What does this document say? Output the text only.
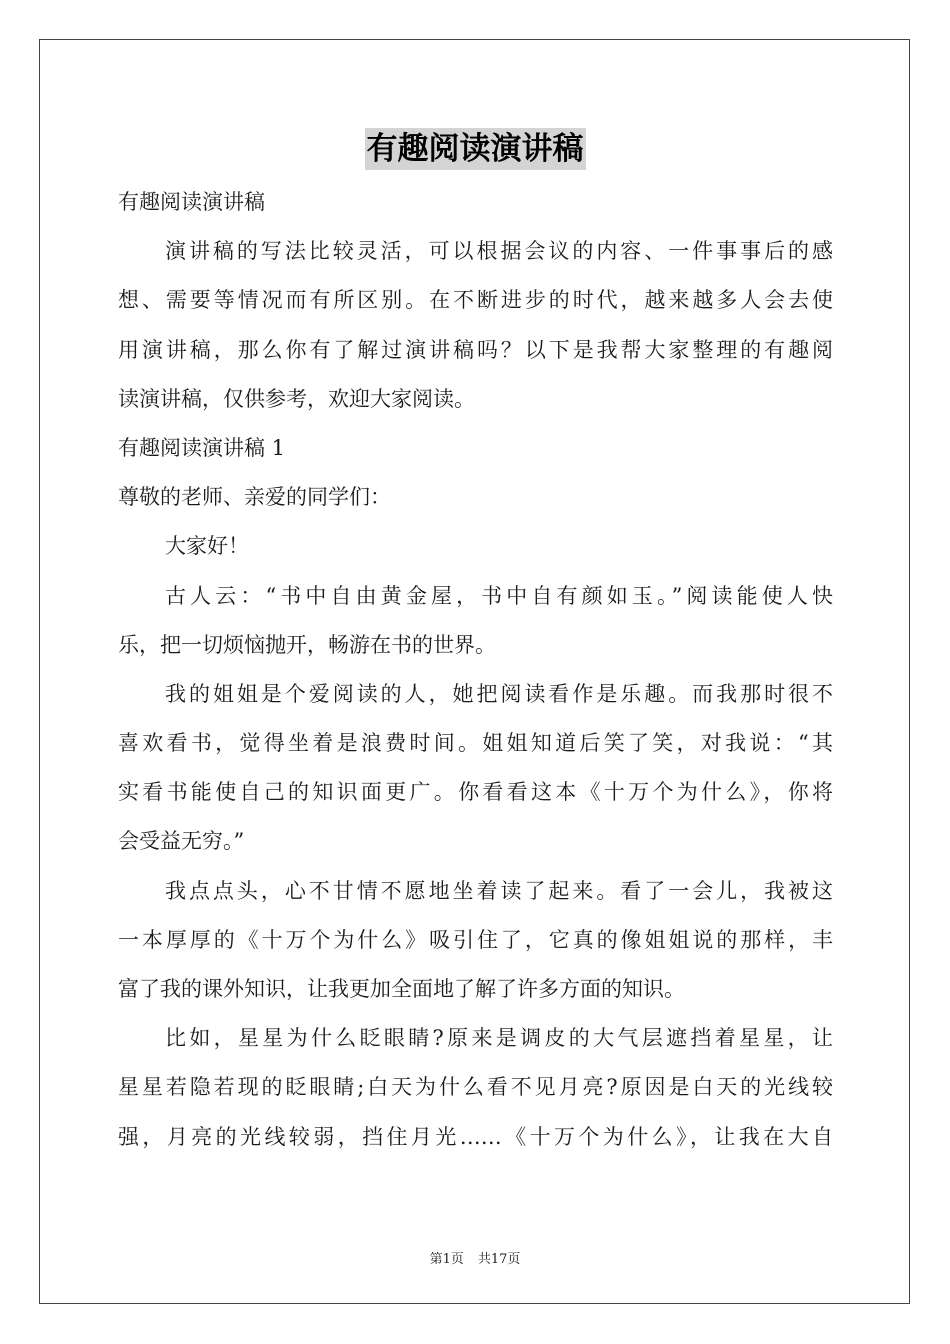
有趣阅读演讲稿
有趣阅读演讲稿
演讲稿的写法比较灵活，可以根据会议的内容、一件事事后的感
想、需要等情况而有所区别。在不断进步的时代，越来越多人会去使
用演讲稿，那么你有了解过演讲稿吗？以下是我帮大家整理的有趣阅
读演讲稿，仅供参考，欢迎大家阅读。
有趣阅读演讲稿 1
尊敬的老师、亲爱的同学们：
大家好！
古人云：“书中自由黄金屋，书中自有颜如玉。”阅读能使人快
乐，把一切烦恼抛开，畅游在书的世界。
我的姐姐是个爱阅读的人，她把阅读看作是乐趣。而我那时很不
喜欢看书，觉得坐着是浪费时间。姐姐知道后笑了笑，对我说：“其
实看书能使自己的知识面更广。你看看这本《十万个为什么》，你将
会受益无穷。”
我点点头，心不甘情不愿地坐着读了起来。看了一会儿，我被这
一本厚厚的《十万个为什么》吸引住了，它真的像姐姐说的那样，丰
富了我的课外知识，让我更加全面地了解了许多方面的知识。
比如，星星为什么眨眼睛?原来是调皮的大气层遮挡着星星，让
星星若隐若现的眨眼睛;白天为什么看不见月亮?原因是白天的光线较
强，月亮的光线较弱，挡住月光……《十万个为什么》，让我在大自
第1页 共17页
